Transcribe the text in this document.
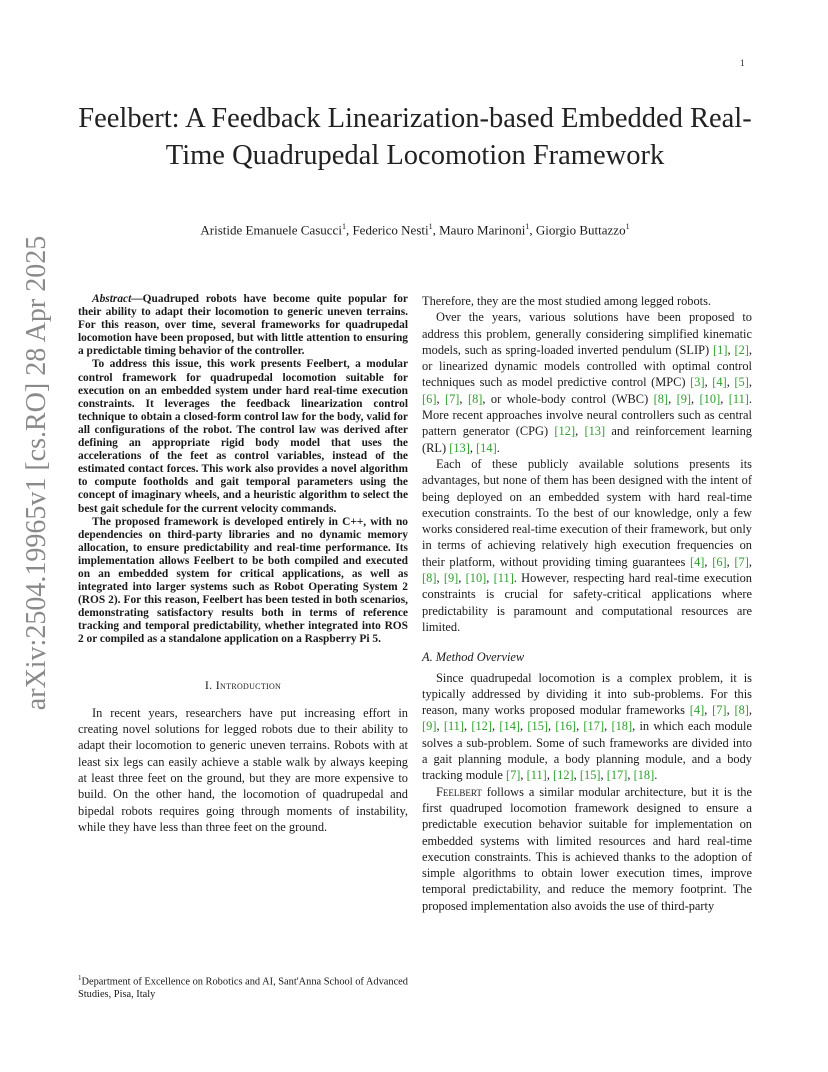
1
arXiv:2504.19965v1 [cs.RO] 28 Apr 2025
Feelbert: A Feedback Linearization-based Embedded Real-Time Quadrupedal Locomotion Framework
Aristide Emanuele Casucci$^1$, Federico Nesti$^1$, Mauro Marinoni$^1$, Giorgio Buttazzo$^1$

Abstract—Quadruped robots have become quite popular for their ability to adapt their locomotion to generic uneven terrains. For this reason, over time, several frameworks for quadrupedal locomotion have been proposed, but with little attention to ensuring a predictable timing behavior of the controller.

To address this issue, this work presents Feelbert, a modular control framework for quadrupedal locomotion suitable for execution on an embedded system under hard real-time execution constraints. It leverages the feedback linearization control technique to obtain a closed-form control law for the body, valid for all configurations of the robot. The control law was derived after defining an appropriate rigid body model that uses the accelerations of the feet as control variables, instead of the estimated contact forces. This work also provides a novel algorithm to compute footholds and gait temporal parameters using the concept of imaginary wheels, and a heuristic algorithm to select the best gait schedule for the current velocity commands.

The proposed framework is developed entirely in C++, with no dependencies on third-party libraries and no dynamic memory allocation, to ensure predictability and real-time performance. Its implementation allows Feelbert to be both compiled and executed on an embedded system for critical applications, as well as integrated into larger systems such as Robot Operating System 2 (ROS 2). For this reason, Feelbert has been tested in both scenarios, demonstrating satisfactory results both in terms of reference tracking and temporal predictability, whether integrated into ROS 2 or compiled as a standalone application on a Raspberry Pi 5.

I. Introduction

In recent years, researchers have put increasing effort in creating novel solutions for legged robots due to their ability to adapt their locomotion to generic uneven terrains. Robots with at least six legs can easily achieve a stable walk by always keeping at least three feet on the ground, but they are more expensive to build. On the other hand, the locomotion of quadrupedal and bipedal robots requires going through moments of instability, while they have less than three feet on the ground.

$^1$Department of Excellence on Robotics and AI, Sant'Anna School of Advanced Studies, Pisa, Italy

Therefore, they are the most studied among legged robots.

Over the years, various solutions have been proposed to address this problem, generally considering simplified kinematic models, such as spring-loaded inverted pendulum (SLIP) [1], [2], or linearized dynamic models controlled with optimal control techniques such as model predictive control (MPC) [3], [4], [5], [6], [7], [8], or whole-body control (WBC) [8], [9], [10], [11]. More recent approaches involve neural controllers such as central pattern generator (CPG) [12], [13] and reinforcement learning (RL) [13], [14].

Each of these publicly available solutions presents its advantages, but none of them has been designed with the intent of being deployed on an embedded system with hard real-time execution constraints. To the best of our knowledge, only a few works considered real-time execution of their framework, but only in terms of achieving relatively high execution frequencies on their platform, without providing timing guarantees [4], [6], [7], [8], [9], [10], [11]. However, respecting hard real-time execution constraints is crucial for safety-critical applications where predictability is paramount and computational resources are limited.

A. Method Overview

Since quadrupedal locomotion is a complex problem, it is typically addressed by dividing it into sub-problems. For this reason, many works proposed modular frameworks [4], [7], [8], [9], [11], [12], [14], [15], [16], [17], [18], in which each module solves a sub-problem. Some of such frameworks are divided into a gait planning module, a body planning module, and a body tracking module [7], [11], [12], [15], [17], [18].

Feelbert follows a similar modular architecture, but it is the first quadruped locomotion framework designed to ensure a predictable execution behavior suitable for implementation on embedded systems with limited resources and hard real-time execution constraints. This is achieved thanks to the adoption of simple algorithms to obtain lower execution times, improve temporal predictability, and reduce the memory footprint. The proposed implementation also avoids the use of third-party
